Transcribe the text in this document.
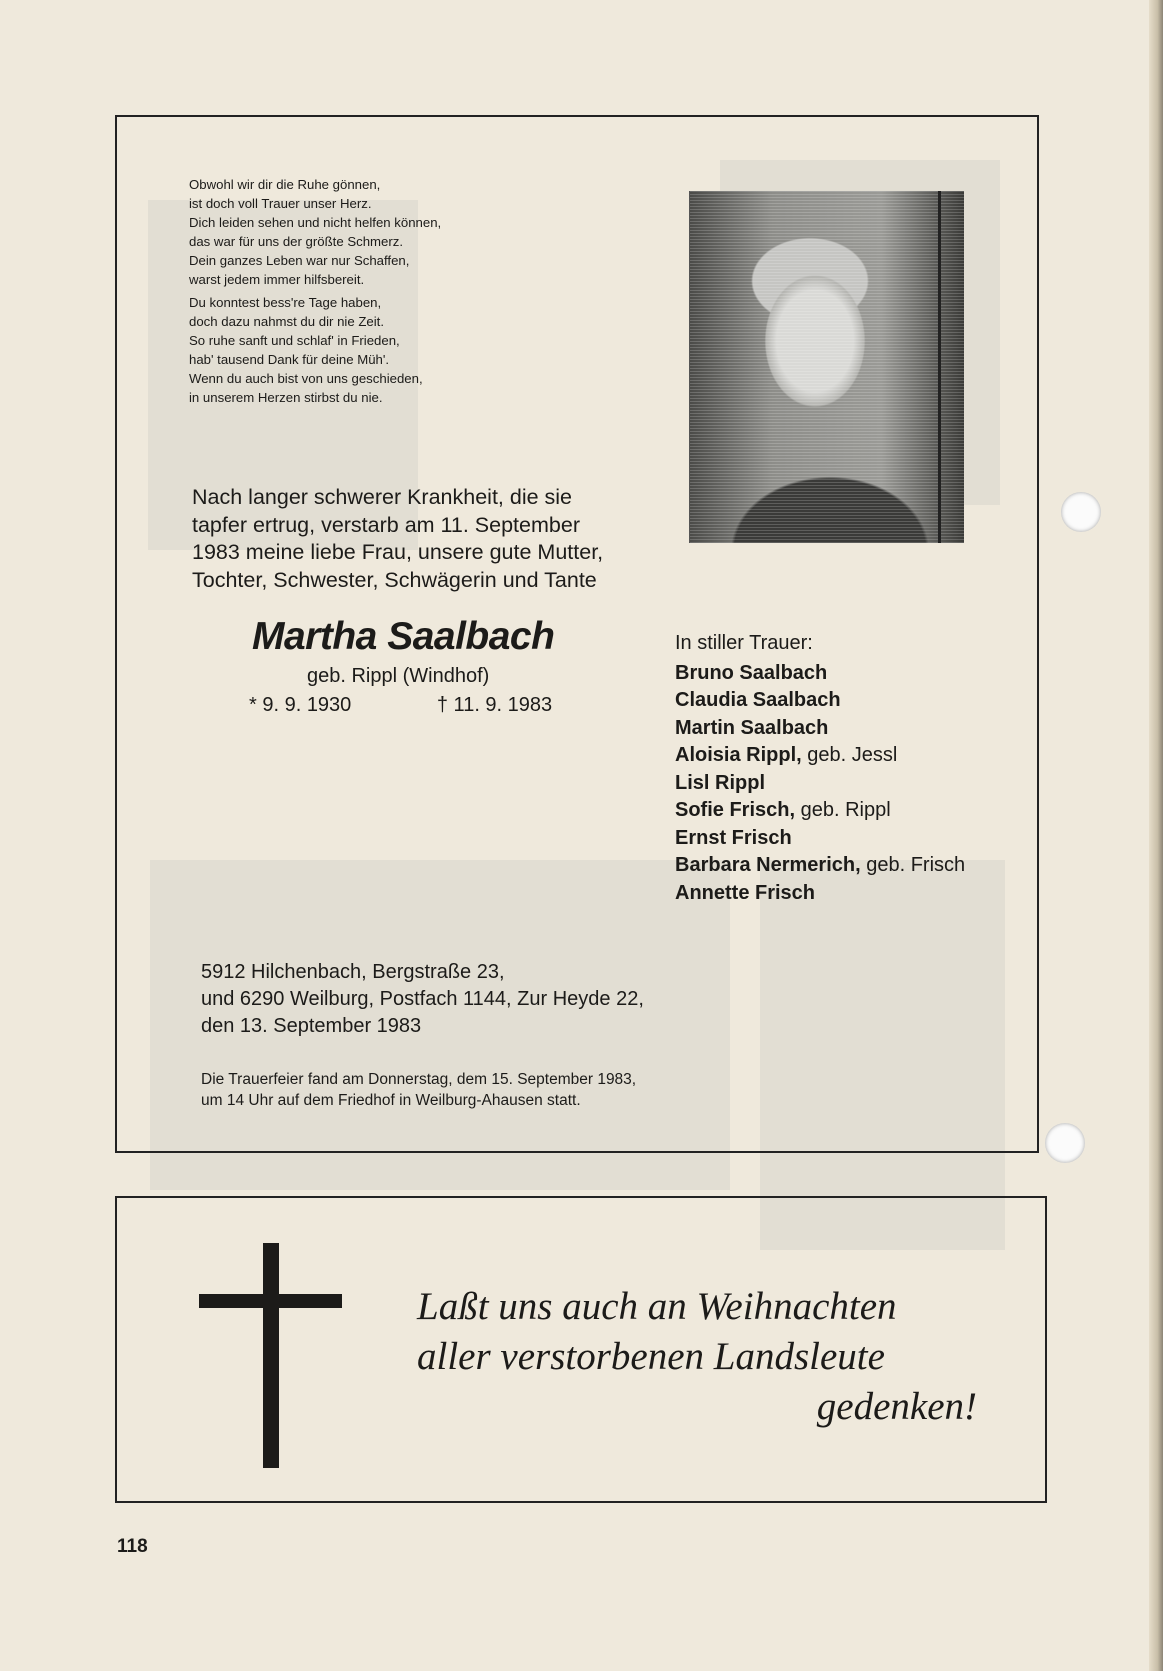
Obwohl wir dir die Ruhe gönnen,
ist doch voll Trauer unser Herz.
Dich leiden sehen und nicht helfen können,
das war für uns der größte Schmerz.
Dein ganzes Leben war nur Schaffen,
warst jedem immer hilfsbereit.
Du konntest bess're Tage haben,
doch dazu nahmst du dir nie Zeit.
So ruhe sanft und schlaf' in Frieden,
hab' tausend Dank für deine Müh'.
Wenn du auch bist von uns geschieden,
in unserem Herzen stirbst du nie.
Nach langer schwerer Krankheit, die sie
tapfer ertrug, verstarb am 11. September
1983 meine liebe Frau, unsere gute Mutter,
Tochter, Schwester, Schwägerin und Tante
Martha Saalbach
geb. Rippl (Windhof)
* 9. 9. 1930	† 11. 9. 1983
In stiller Trauer:
Bruno Saalbach
Claudia Saalbach
Martin Saalbach
Aloisia Rippl, geb. Jessl
Lisl Rippl
Sofie Frisch, geb. Rippl
Ernst Frisch
Barbara Nermerich, geb. Frisch
Annette Frisch
5912 Hilchenbach, Bergstraße 23,
und 6290 Weilburg, Postfach 1144, Zur Heyde 22,
den 13. September 1983
Die Trauerfeier fand am Donnerstag, dem 15. September 1983,
um 14 Uhr auf dem Friedhof in Weilburg-Ahausen statt.
Laßt uns auch an Weihnachten
aller verstorbenen Landsleute
gedenken!
118
